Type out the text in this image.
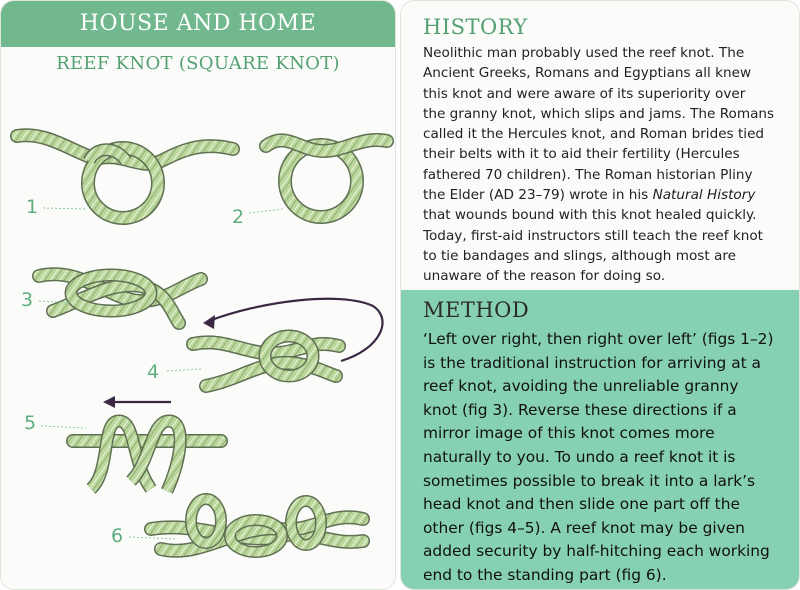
HOUSE AND HOME
REEF KNOT (SQUARE KNOT)
1	2
3
4
5
6
HISTORY
Neolithic man probably used the reef knot. The
Ancient Greeks, Romans and Egyptians all knew
this knot and were aware of its superiority over
the granny knot, which slips and jams. The Romans
called it the Hercules knot, and Roman brides tied
their belts with it to aid their fertility (Hercules
fathered 70 children). The Roman historian Pliny
the Elder (AD 23–79) wrote in his Natural History
that wounds bound with this knot healed quickly.
Today, first-aid instructors still teach the reef knot
to tie bandages and slings, although most are
unaware of the reason for doing so.
METHOD
‘Left over right, then right over left’ (figs 1–2)
is the traditional instruction for arriving at a
reef knot, avoiding the unreliable granny
knot (fig 3). Reverse these directions if a
mirror image of this knot comes more
naturally to you. To undo a reef knot it is
sometimes possible to break it into a lark’s
head knot and then slide one part off the
other (figs 4–5). A reef knot may be given
added security by half-hitching each working
end to the standing part (fig 6).
